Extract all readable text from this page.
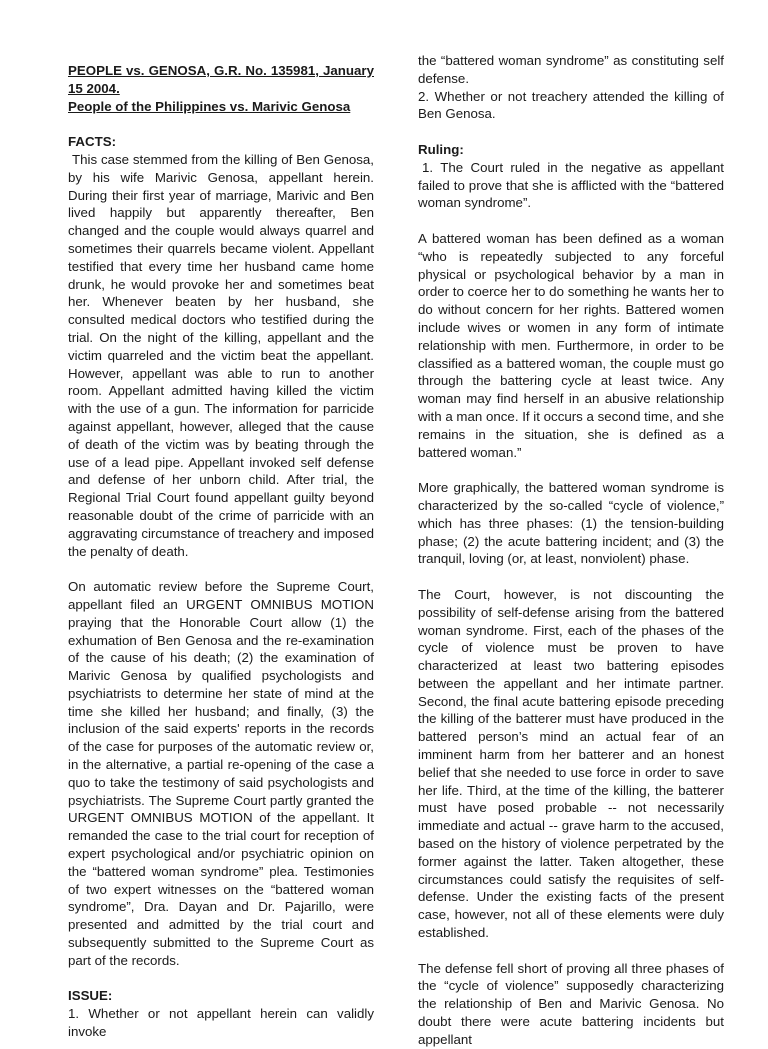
PEOPLE vs. GENOSA, G.R. No. 135981, January 15 2004.

People of the Philippines vs. Marivic Genosa

FACTS:

This case stemmed from the killing of Ben Genosa, by his wife Marivic Genosa, appellant herein. During their first year of marriage, Marivic and Ben lived happily but apparently thereafter, Ben changed and the couple would always quarrel and sometimes their quarrels became violent. Appellant testified that every time her husband came home drunk, he would provoke her and sometimes beat her. Whenever beaten by her husband, she consulted medical doctors who testified during the trial. On the night of the killing, appellant and the victim quarreled and the victim beat the appellant. However, appellant was able to run to another room. Appellant admitted having killed the victim with the use of a gun. The information for parricide against appellant, however, alleged that the cause of death of the victim was by beating through the use of a lead pipe. Appellant invoked self defense and defense of her unborn child. After trial, the Regional Trial Court found appellant guilty beyond reasonable doubt of the crime of parricide with an aggravating circumstance of treachery and imposed the penalty of death.

On automatic review before the Supreme Court, appellant filed an URGENT OMNIBUS MOTION praying that the Honorable Court allow (1) the exhumation of Ben Genosa and the re-examination of the cause of his death; (2) the examination of Marivic Genosa by qualified psychologists and psychiatrists to determine her state of mind at the time she killed her husband; and finally, (3) the inclusion of the said experts' reports in the records of the case for purposes of the automatic review or, in the alternative, a partial re-opening of the case a quo to take the testimony of said psychologists and psychiatrists. The Supreme Court partly granted the URGENT OMNIBUS MOTION of the appellant. It remanded the case to the trial court for reception of expert psychological and/or psychiatric opinion on the “battered woman syndrome” plea. Testimonies of two expert witnesses on the “battered woman syndrome”, Dra. Dayan and Dr. Pajarillo, were presented and admitted by the trial court and subsequently submitted to the Supreme Court as part of the records.

ISSUE:

1. Whether or not appellant herein can validly invoke

the “battered woman syndrome” as constituting self defense.

2. Whether or not treachery attended the killing of Ben Genosa.

Ruling:

1. The Court ruled in the negative as appellant failed to prove that she is afflicted with the “battered woman syndrome”.

A battered woman has been defined as a woman “who is repeatedly subjected to any forceful physical or psychological behavior by a man in order to coerce her to do something he wants her to do without concern for her rights. Battered women include wives or women in any form of intimate relationship with men. Furthermore, in order to be classified as a battered woman, the couple must go through the battering cycle at least twice. Any woman may find herself in an abusive relationship with a man once. If it occurs a second time, and she remains in the situation, she is defined as a battered woman.”

More graphically, the battered woman syndrome is characterized by the so-called “cycle of violence,” which has three phases: (1) the tension-building phase; (2) the acute battering incident; and (3) the tranquil, loving (or, at least, nonviolent) phase.

The Court, however, is not discounting the possibility of self-defense arising from the battered woman syndrome. First, each of the phases of the cycle of violence must be proven to have characterized at least two battering episodes between the appellant and her intimate partner. Second, the final acute battering episode preceding the killing of the batterer must have produced in the battered person’s mind an actual fear of an imminent harm from her batterer and an honest belief that she needed to use force in order to save her life. Third, at the time of the killing, the batterer must have posed probable -- not necessarily immediate and actual -- grave harm to the accused, based on the history of violence perpetrated by the former against the latter. Taken altogether, these circumstances could satisfy the requisites of self-defense. Under the existing facts of the present case, however, not all of these elements were duly established.

The defense fell short of proving all three phases of the “cycle of violence” supposedly characterizing the relationship of Ben and Marivic Genosa. No doubt there were acute battering incidents but appellant
